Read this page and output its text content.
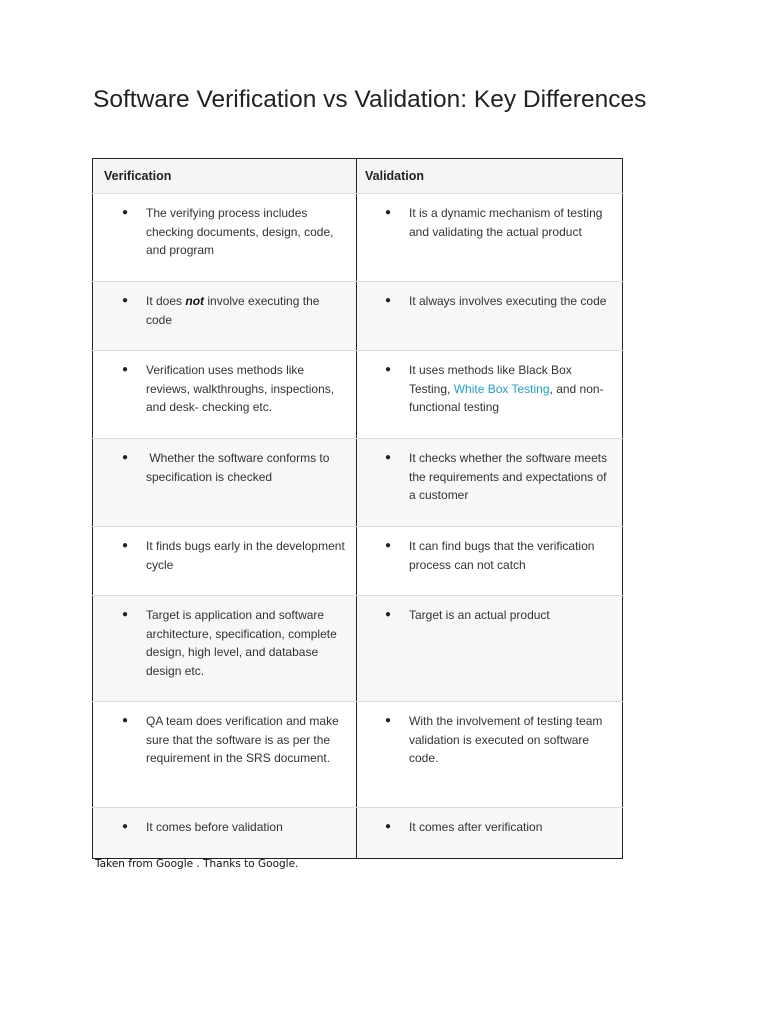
Software Verification vs Validation: Key Differences
Verification	Validation

● The verifying process includes checking documents, design, code, and program	● It is a dynamic mechanism of testing and validating the actual product

● It does not involve executing the code	● It always involves executing the code

● Verification uses methods like reviews, walkthroughs, inspections, and desk- checking etc.	● It uses methods like Black Box Testing, White Box Testing, and non-functional testing

● Whether the software conforms to specification is checked	● It checks whether the software meets the requirements and expectations of a customer

● It finds bugs early in the development cycle	● It can find bugs that the verification process can not catch

● Target is application and software architecture, specification, complete design, high level, and database design etc.	● Target is an actual product

● QA team does verification and make sure that the software is as per the requirement in the SRS document.	● With the involvement of testing team validation is executed on software code.

● It comes before validation	● It comes after verification
Taken from Google . Thanks to Google.
